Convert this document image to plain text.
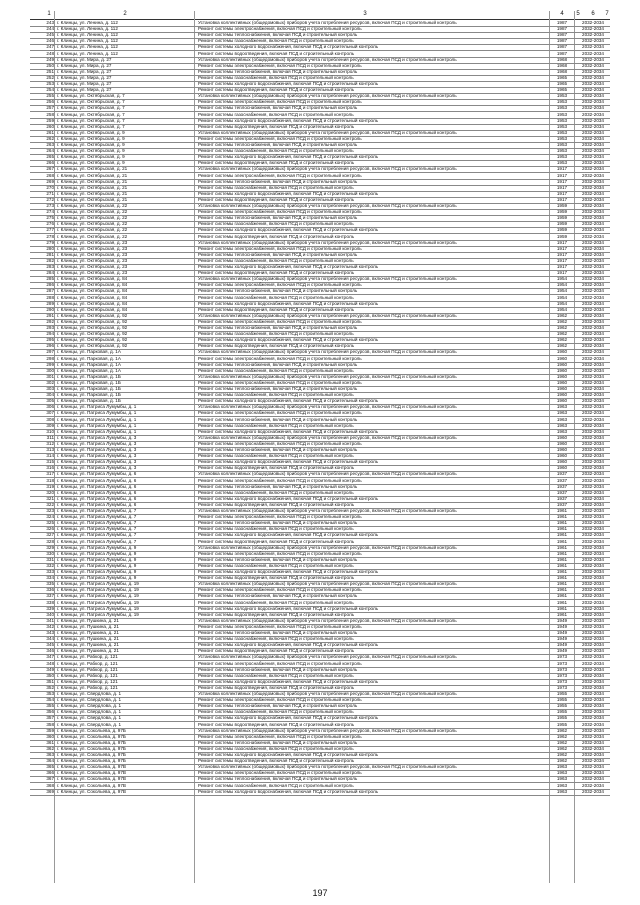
1	2	3	4	5	6	7
243 г. Клинцы, ул. Ленина, д. 112	Установка коллективных (общедомовых) приборов учета потребления ресурсов, включая ПСД и строительный контроль	1987	2032-2034
244 г. Клинцы, ул. Ленина, д. 112	Ремонт системы электроснабжения, включая ПСД и строительный контроль	1987	2032-2034
245 г. Клинцы, ул. Ленина, д. 112	Ремонт системы теплоснабжения, включая ПСД и строительный контроль	1987	2032-2034
246 г. Клинцы, ул. Ленина, д. 112	Ремонт системы газоснабжения, включая ПСД и строительный контроль	1987	2032-2034
247 г. Клинцы, ул. Ленина, д. 112	Ремонт системы холодного водоснабжения, включая ПСД и строительный контроль	1987	2032-2034
248 г. Клинцы, ул. Ленина, д. 112	Ремонт системы водоотведения, включая ПСД и строительный контроль	1987	2032-2034
249 г. Клинцы, ул. Мира, д. 27	Установка коллективных (общедомовых) приборов учета потребления ресурсов, включая ПСД и строительный контроль	1968	2032-2034
250 г. Клинцы, ул. Мира, д. 27	Ремонт системы электроснабжения, включая ПСД и строительный контроль	1968	2032-2034
251 г. Клинцы, ул. Мира, д. 27	Ремонт системы теплоснабжения, включая ПСД и строительный контроль	1968	2032-2034
252 г. Клинцы, ул. Мира, д. 27	Ремонт системы газоснабжения, включая ПСД и строительный контроль	1965	2032-2034
253 г. Клинцы, ул. Мира, д. 27	Ремонт системы холодного водоснабжения, включая ПСД и строительный контроль	1965	2032-2034
254 г. Клинцы, ул. Мира, д. 27	Ремонт системы водоотведения, включая ПСД и строительный контроль	1965	2032-2034
255 г. Клинцы, ул. Октябрьская, д. 7	Установка коллективных (общедомовых) приборов учета потребления ресурсов, включая ПСД и строительный контроль	1953	2032-2034
256 г. Клинцы, ул. Октябрьская, д. 7	Ремонт системы электроснабжения, включая ПСД и строительный контроль	1953	2032-2034
257 г. Клинцы, ул. Октябрьская, д. 7	Ремонт системы теплоснабжения, включая ПСД и строительный контроль	1953	2032-2034
258 г. Клинцы, ул. Октябрьская, д. 7	Ремонт системы газоснабжения, включая ПСД и строительный контроль	1953	2032-2034
259 г. Клинцы, ул. Октябрьская, д. 7	Ремонт системы холодного водоснабжения, включая ПСД и строительный контроль	1953	2032-2034
260 г. Клинцы, ул. Октябрьская, д. 7	Ремонт системы водоотведения, включая ПСД и строительный контроль	1953	2032-2034
261 г. Клинцы, ул. Октябрьская, д. 9	Установка коллективных (общедомовых) приборов учета потребления ресурсов, включая ПСД и строительный контроль	1953	2032-2034
262 г. Клинцы, ул. Октябрьская, д. 9	Ремонт системы электроснабжения, включая ПСД и строительный контроль	1953	2032-2034
263 г. Клинцы, ул. Октябрьская, д. 9	Ремонт системы теплоснабжения, включая ПСД и строительный контроль	1953	2032-2034
264 г. Клинцы, ул. Октябрьская, д. 9	Ремонт системы газоснабжения, включая ПСД и строительный контроль	1953	2032-2034
265 г. Клинцы, ул. Октябрьская, д. 9	Ремонт системы холодного водоснабжения, включая ПСД и строительный контроль	1953	2032-2034
266 г. Клинцы, ул. Октябрьская, д. 9	Ремонт системы водоотведения, включая ПСД и строительный контроль	1953	2032-2034
267 г. Клинцы, ул. Октябрьская, д. 21	Установка коллективных (общедомовых) приборов учета потребления ресурсов, включая ПСД и строительный контроль	1917	2032-2034
268 г. Клинцы, ул. Октябрьская, д. 21	Ремонт системы электроснабжения, включая ПСД и строительный контроль	1917	2032-2034
269 г. Клинцы, ул. Октябрьская, д. 21	Ремонт системы теплоснабжения, включая ПСД и строительный контроль	1917	2032-2034
270 г. Клинцы, ул. Октябрьская, д. 21	Ремонт системы газоснабжения, включая ПСД и строительный контроль	1917	2032-2034
271 г. Клинцы, ул. Октябрьская, д. 21	Ремонт системы холодного водоснабжения, включая ПСД и строительный контроль	1917	2032-2034
272 г. Клинцы, ул. Октябрьская, д. 21	Ремонт системы водоотведения, включая ПСД и строительный контроль	1917	2032-2034
273 г. Клинцы, ул. Октябрьская, д. 22	Установка коллективных (общедомовых) приборов учета потребления ресурсов, включая ПСД и строительный контроль	1959	2032-2034
274 г. Клинцы, ул. Октябрьская, д. 22	Ремонт системы электроснабжения, включая ПСД и строительный контроль	1959	2032-2034
275 г. Клинцы, ул. Октябрьская, д. 22	Ремонт системы теплоснабжения, включая ПСД и строительный контроль	1959	2032-2034
276 г. Клинцы, ул. Октябрьская, д. 22	Ремонт системы газоснабжения, включая ПСД и строительный контроль	1959	2032-2034
277 г. Клинцы, ул. Октябрьская, д. 22	Ремонт системы холодного водоснабжения, включая ПСД и строительный контроль	1959	2032-2034
278 г. Клинцы, ул. Октябрьская, д. 22	Ремонт системы водоотведения, включая ПСД и строительный контроль	1959	2032-2034
279 г. Клинцы, ул. Октябрьская, д. 23	Установка коллективных (общедомовых) приборов учета потребления ресурсов, включая ПСД и строительный контроль	1917	2032-2034
280 г. Клинцы, ул. Октябрьская, д. 23	Ремонт системы электроснабжения, включая ПСД и строительный контроль	1917	2032-2034
281 г. Клинцы, ул. Октябрьская, д. 23	Ремонт системы теплоснабжения, включая ПСД и строительный контроль	1917	2032-2034
282 г. Клинцы, ул. Октябрьская, д. 23	Ремонт системы газоснабжения, включая ПСД и строительный контроль	1917	2032-2034
283 г. Клинцы, ул. Октябрьская, д. 23	Ремонт системы холодного водоснабжения, включая ПСД и строительный контроль	1917	2032-2034
284 г. Клинцы, ул. Октябрьская, д. 23	Ремонт системы водоотведения, включая ПСД и строительный контроль	1917	2032-2034
285 г. Клинцы, ул. Октябрьская, д. 84	Установка коллективных (общедомовых) приборов учета потребления ресурсов, включая ПСД и строительный контроль	1954	2032-2034
286 г. Клинцы, ул. Октябрьская, д. 84	Ремонт системы электроснабжения, включая ПСД и строительный контроль	1954	2032-2034
287 г. Клинцы, ул. Октябрьская, д. 84	Ремонт системы теплоснабжения, включая ПСД и строительный контроль	1954	2032-2034
288 г. Клинцы, ул. Октябрьская, д. 84	Ремонт системы газоснабжения, включая ПСД и строительный контроль	1954	2032-2034
289 г. Клинцы, ул. Октябрьская, д. 84	Ремонт системы холодного водоснабжения, включая ПСД и строительный контроль	1954	2032-2034
290 г. Клинцы, ул. Октябрьская, д. 84	Ремонт системы водоотведения, включая ПСД и строительный контроль	1954	2032-2034
291 г. Клинцы, ул. Октябрьская, д. 92	Установка коллективных (общедомовых) приборов учета потребления ресурсов, включая ПСД и строительный контроль	1962	2032-2034
292 г. Клинцы, ул. Октябрьская, д. 92	Ремонт системы электроснабжения, включая ПСД и строительный контроль	1962	2032-2034
293 г. Клинцы, ул. Октябрьская, д. 92	Ремонт системы теплоснабжения, включая ПСД и строительный контроль	1962	2032-2034
294 г. Клинцы, ул. Октябрьская, д. 92	Ремонт системы газоснабжения, включая ПСД и строительный контроль	1962	2032-2034
295 г. Клинцы, ул. Октябрьская, д. 92	Ремонт системы холодного водоснабжения, включая ПСД и строительный контроль	1962	2032-2034
296 г. Клинцы, ул. Октябрьская, д. 92	Ремонт системы водоотведения, включая ПСД и строительный контроль	1962	2032-2034
297 г. Клинцы, ул. Парковая, д. 1А	Установка коллективных (общедомовых) приборов учета потребления ресурсов, включая ПСД и строительный контроль	1960	2032-2034
298 г. Клинцы, ул. Парковая, д. 1А	Ремонт системы электроснабжения, включая ПСД и строительный контроль	1960	2032-2034
299 г. Клинцы, ул. Парковая, д. 1А	Ремонт системы теплоснабжения, включая ПСД и строительный контроль	1960	2032-2034
300 г. Клинцы, ул. Парковая, д. 1А	Ремонт системы газоснабжения, включая ПСД и строительный контроль	1960	2032-2034
301 г. Клинцы, ул. Парковая, д. 1Б	Установка коллективных (общедомовых) приборов учета потребления ресурсов, включая ПСД и строительный контроль	1960	2032-2034
302 г. Клинцы, ул. Парковая, д. 1Б	Ремонт системы электроснабжения, включая ПСД и строительный контроль	1960	2032-2034
303 г. Клинцы, ул. Парковая, д. 1Б	Ремонт системы теплоснабжения, включая ПСД и строительный контроль	1960	2032-2034
304 г. Клинцы, ул. Парковая, д. 1Б	Ремонт системы газоснабжения, включая ПСД и строительный контроль	1960	2032-2034
305 г. Клинцы, ул. Парковая, д. 1Б	Ремонт системы холодного водоснабжения, включая ПСД и строительный контроль	1960	2032-2034
306 г. Клинцы, ул. Патриса Лумумбы, д. 1	Установка коллективных (общедомовых) приборов учета потребления ресурсов, включая ПСД и строительный контроль	1963	2032-2034
307 г. Клинцы, ул. Патриса Лумумбы, д. 1	Ремонт системы электроснабжения, включая ПСД и строительный контроль	1963	2032-2034
308 г. Клинцы, ул. Патриса Лумумбы, д. 1	Ремонт системы теплоснабжения, включая ПСД и строительный контроль	1963	2032-2034
309 г. Клинцы, ул. Патриса Лумумбы, д. 1	Ремонт системы газоснабжения, включая ПСД и строительный контроль	1963	2032-2034
310 г. Клинцы, ул. Патриса Лумумбы, д. 1	Ремонт системы холодного водоснабжения, включая ПСД и строительный контроль	1963	2032-2034
311 г. Клинцы, ул. Патриса Лумумбы, д. 3	Установка коллективных (общедомовых) приборов учета потребления ресурсов, включая ПСД и строительный контроль	1960	2032-2034
312 г. Клинцы, ул. Патриса Лумумбы, д. 3	Ремонт системы электроснабжения, включая ПСД и строительный контроль	1960	2032-2034
313 г. Клинцы, ул. Патриса Лумумбы, д. 3	Ремонт системы теплоснабжения, включая ПСД и строительный контроль	1960	2032-2034
314 г. Клинцы, ул. Патриса Лумумбы, д. 3	Ремонт системы газоснабжения, включая ПСД и строительный контроль	1960	2032-2034
315 г. Клинцы, ул. Патриса Лумумбы, д. 3	Ремонт системы холодного водоснабжения, включая ПСД и строительный контроль	1960	2032-2034
316 г. Клинцы, ул. Патриса Лумумбы, д. 3	Ремонт системы водоотведения, включая ПСД и строительный контроль	1960	2032-2034
317 г. Клинцы, ул. Патриса Лумумбы, д. 6	Установка коллективных (общедомовых) приборов учета потребления ресурсов, включая ПСД и строительный контроль	1937	2032-2034
318 г. Клинцы, ул. Патриса Лумумбы, д. 6	Ремонт системы электроснабжения, включая ПСД и строительный контроль	1937	2032-2034
319 г. Клинцы, ул. Патриса Лумумбы, д. 6	Ремонт системы теплоснабжения, включая ПСД и строительный контроль	1937	2032-2034
320 г. Клинцы, ул. Патриса Лумумбы, д. 6	Ремонт системы газоснабжения, включая ПСД и строительный контроль	1937	2032-2034
321 г. Клинцы, ул. Патриса Лумумбы, д. 6	Ремонт системы холодного водоснабжения, включая ПСД и строительный контроль	1937	2032-2034
322 г. Клинцы, ул. Патриса Лумумбы, д. 6	Ремонт системы водоотведения, включая ПСД и строительный контроль	1937	2032-2034
323 г. Клинцы, ул. Патриса Лумумбы, д. 7	Установка коллективных (общедомовых) приборов учета потребления ресурсов, включая ПСД и строительный контроль	1961	2032-2034
324 г. Клинцы, ул. Патриса Лумумбы, д. 7	Ремонт системы электроснабжения, включая ПСД и строительный контроль	1961	2032-2034
325 г. Клинцы, ул. Патриса Лумумбы, д. 7	Ремонт системы теплоснабжения, включая ПСД и строительный контроль	1961	2032-2034
326 г. Клинцы, ул. Патриса Лумумбы, д. 7	Ремонт системы газоснабжения, включая ПСД и строительный контроль	1961	2032-2034
327 г. Клинцы, ул. Патриса Лумумбы, д. 7	Ремонт системы холодного водоснабжения, включая ПСД и строительный контроль	1961	2032-2034
328 г. Клинцы, ул. Патриса Лумумбы, д. 7	Ремонт системы водоотведения, включая ПСД и строительный контроль	1961	2032-2034
329 г. Клинцы, ул. Патриса Лумумбы, д. 9	Установка коллективных (общедомовых) приборов учета потребления ресурсов, включая ПСД и строительный контроль	1961	2032-2034
330 г. Клинцы, ул. Патриса Лумумбы, д. 9	Ремонт системы электроснабжения, включая ПСД и строительный контроль	1961	2032-2034
331 г. Клинцы, ул. Патриса Лумумбы, д. 9	Ремонт системы теплоснабжения, включая ПСД и строительный контроль	1961	2032-2034
332 г. Клинцы, ул. Патриса Лумумбы, д. 9	Ремонт системы газоснабжения, включая ПСД и строительный контроль	1961	2032-2034
333 г. Клинцы, ул. Патриса Лумумбы, д. 9	Ремонт системы холодного водоснабжения, включая ПСД и строительный контроль	1961	2032-2034
334 г. Клинцы, ул. Патриса Лумумбы, д. 9	Ремонт системы водоотведения, включая ПСД и строительный контроль	1961	2032-2034
335 г. Клинцы, ул. Патриса Лумумбы, д. 19	Установка коллективных (общедомовых) приборов учета потребления ресурсов, включая ПСД и строительный контроль	1961	2032-2034
336 г. Клинцы, ул. Патриса Лумумбы, д. 19	Ремонт системы электроснабжения, включая ПСД и строительный контроль	1961	2032-2034
337 г. Клинцы, ул. Патриса Лумумбы, д. 19	Ремонт системы теплоснабжения, включая ПСД и строительный контроль	1961	2032-2034
338 г. Клинцы, ул. Патриса Лумумбы, д. 19	Ремонт системы газоснабжения, включая ПСД и строительный контроль	1961	2032-2034
339 г. Клинцы, ул. Патриса Лумумбы, д. 19	Ремонт системы холодного водоснабжения, включая ПСД и строительный контроль	1961	2032-2034
340 г. Клинцы, ул. Патриса Лумумбы, д. 19	Ремонт системы водоотведения, включая ПСД и строительный контроль	1961	2032-2034
341 г. Клинцы, ул. Пушкина, д. 21	Установка коллективных (общедомовых) приборов учета потребления ресурсов, включая ПСД и строительный контроль	1949	2032-2034
342 г. Клинцы, ул. Пушкина, д. 21	Ремонт системы электроснабжения, включая ПСД и строительный контроль	1949	2032-2034
343 г. Клинцы, ул. Пушкина, д. 21	Ремонт системы теплоснабжения, включая ПСД и строительный контроль	1949	2032-2034
344 г. Клинцы, ул. Пушкина, д. 21	Ремонт системы газоснабжения, включая ПСД и строительный контроль	1949	2032-2034
345 г. Клинцы, ул. Пушкина, д. 21	Ремонт системы холодного водоснабжения, включая ПСД и строительный контроль	1949	2032-2034
346 г. Клинцы, ул. Пушкина, д. 21	Ремонт системы водоотведения, включая ПСД и строительный контроль	1949	2032-2034
347 г. Клинцы, ул. Рабкор, д. 121	Установка коллективных (общедомовых) приборов учета потребления ресурсов, включая ПСД и строительный контроль	1973	2032-2034
348 г. Клинцы, ул. Рабкор, д. 121	Ремонт системы электроснабжения, включая ПСД и строительный контроль	1973	2032-2034
349 г. Клинцы, ул. Рабкор, д. 121	Ремонт системы теплоснабжения, включая ПСД и строительный контроль	1973	2032-2034
350 г. Клинцы, ул. Рабкор, д. 121	Ремонт системы газоснабжения, включая ПСД и строительный контроль	1973	2032-2034
351 г. Клинцы, ул. Рабкор, д. 121	Ремонт системы холодного водоснабжения, включая ПСД и строительный контроль	1973	2032-2034
352 г. Клинцы, ул. Рабкор, д. 121	Ремонт системы водоотведения, включая ПСД и строительный контроль	1973	2032-2034
353 г. Клинцы, ул. Свердлова, д. 1	Установка коллективных (общедомовых) приборов учета потребления ресурсов, включая ПСД и строительный контроль	1955	2032-2034
354 г. Клинцы, ул. Свердлова, д. 1	Ремонт системы электроснабжения, включая ПСД и строительный контроль	1955	2032-2034
355 г. Клинцы, ул. Свердлова, д. 1	Ремонт системы теплоснабжения, включая ПСД и строительный контроль	1955	2032-2034
356 г. Клинцы, ул. Свердлова, д. 1	Ремонт системы газоснабжения, включая ПСД и строительный контроль	1955	2032-2034
357 г. Клинцы, ул. Свердлова, д. 1	Ремонт системы холодного водоснабжения, включая ПСД и строительный контроль	1955	2032-2034
358 г. Клинцы, ул. Свердлова, д. 1	Ремонт системы водоотведения, включая ПСД и строительный контроль	1955	2032-2034
359 г. Клинцы, ул. Сокольева, д. 97Б	Установка коллективных (общедомовых) приборов учета потребления ресурсов, включая ПСД и строительный контроль	1962	2032-2034
360 г. Клинцы, ул. Сокольева, д. 97Б	Ремонт системы электроснабжения, включая ПСД и строительный контроль	1962	2032-2034
361 г. Клинцы, ул. Сокольева, д. 97Б	Ремонт системы теплоснабжения, включая ПСД и строительный контроль	1962	2032-2034
362 г. Клинцы, ул. Сокольева, д. 97Б	Ремонт системы газоснабжения, включая ПСД и строительный контроль	1962	2032-2034
363 г. Клинцы, ул. Сокольева, д. 97Б	Ремонт системы холодного водоснабжения, включая ПСД и строительный контроль	1962	2032-2034
364 г. Клинцы, ул. Сокольева, д. 97Б	Ремонт системы водоотведения, включая ПСД и строительный контроль	1962	2032-2034
365 г. Клинцы, ул. Сокольева, д. 97В	Установка коллективных (общедомовых) приборов учета потребления ресурсов, включая ПСД и строительный контроль	1963	2032-2034
366 г. Клинцы, ул. Сокольева, д. 97В	Ремонт системы электроснабжения, включая ПСД и строительный контроль	1963	2032-2034
367 г. Клинцы, ул. Сокольева, д. 97В	Ремонт системы теплоснабжения, включая ПСД и строительный контроль	1963	2032-2034
368 г. Клинцы, ул. Сокольева, д. 97В	Ремонт системы газоснабжения, включая ПСД и строительный контроль	1963	2032-2034
369 г. Клинцы, ул. Сокольева, д. 97В	Ремонт системы холодного водоснабжения, включая ПСД и строительный контроль	1963	2032-2034
197
